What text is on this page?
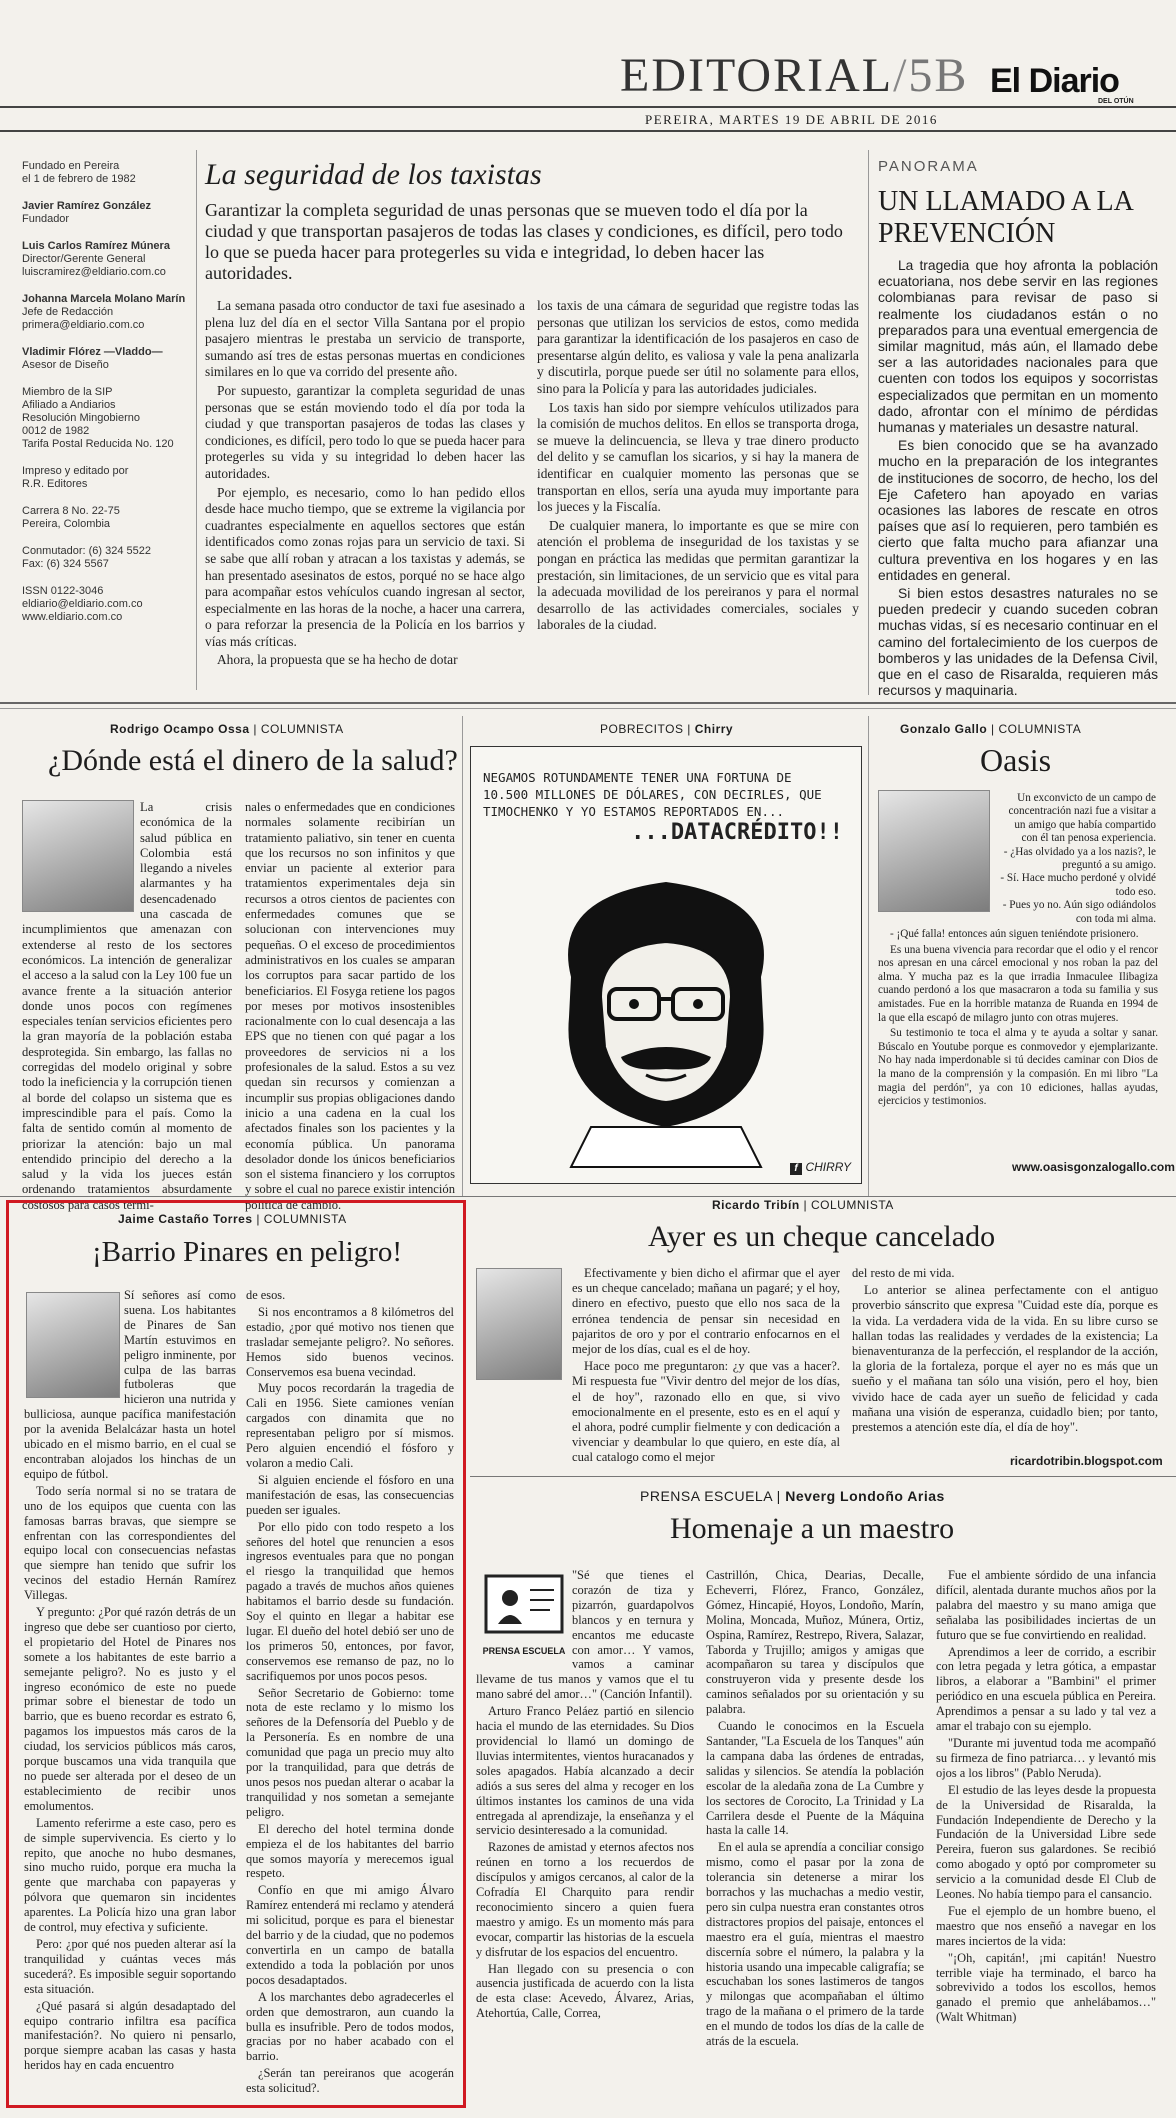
EDITORIAL/5B El Diario
DEL OTÚN
PEREIRA, MARTES 19 DE ABRIL DE 2016
Fundado en Pereira
el 1 de febrero de 1982
Javier Ramírez González
Fundador
Luis Carlos Ramírez Múnera
Director/Gerente General
luiscramirez@eldiario.com.co
Johanna Marcela Molano Marín
Jefe de Redacción
primera@eldiario.com.co
Vladimir Flórez —Vladdo—
Asesor de Diseño
Miembro de la SIP
Afiliado a Andiarios
Resolución Mingobierno
0012 de 1982
Tarifa Postal Reducida No. 120
Impreso y editado por
R.R. Editores
Carrera 8 No. 22-75
Pereira, Colombia
Conmutador: (6) 324 5522
Fax: (6) 324 5567
ISSN 0122-3046
eldiario@eldiario.com.co
www.eldiario.com.co
La seguridad de los taxistas
Garantizar la completa seguridad de unas personas que se mueven todo el día por la ciudad y que transportan pasajeros de todas las clases y condiciones, es difícil, pero todo lo que se pueda hacer para protegerles su vida e integridad, lo deben hacer las autoridades.

La semana pasada otro conductor de taxi fue asesinado a plena luz del día en el sector Villa Santana por el propio pasajero mientras le prestaba un servicio de transporte, sumando así tres de estas personas muertas en condiciones similares en lo que va corrido del presente año.

Por supuesto, garantizar la completa seguridad de unas personas que se están moviendo todo el día por toda la ciudad y que transportan pasajeros de todas las clases y condiciones, es difícil, pero todo lo que se pueda hacer para protegerles su vida y su integridad lo deben hacer las autoridades.

Por ejemplo, es necesario, como lo han pedido ellos desde hace mucho tiempo, que se extreme la vigilancia por cuadrantes especialmente en aquellos sectores que están identificados como zonas rojas para un servicio de taxi. Si se sabe que allí roban y atracan a los taxistas y además, se han presentado asesinatos de estos, porqué no se hace algo para acompañar estos vehículos cuando ingresan al sector, especialmente en las horas de la noche, a hacer una carrera, o para reforzar la presencia de la Policía en los barrios y vías más críticas.

Ahora, la propuesta que se ha hecho de dotar

los taxis de una cámara de seguridad que registre todas las personas que utilizan los servicios de estos, como medida para garantizar la identificación de los pasajeros en caso de presentarse algún delito, es valiosa y vale la pena analizarla y discutirla, porque puede ser útil no solamente para ellos, sino para la Policía y para las autoridades judiciales.

Los taxis han sido por siempre vehículos utilizados para la comisión de muchos delitos. En ellos se transporta droga, se mueve la delincuencia, se lleva y trae dinero producto del delito y se camuflan los sicarios, y si hay la manera de identificar en cualquier momento las personas que se transportan en ellos, sería una ayuda muy importante para los jueces y la Fiscalía.

De cualquier manera, lo importante es que se mire con atención el problema de inseguridad de los taxistas y se pongan en práctica las medidas que permitan garantizar la prestación, sin limitaciones, de un servicio que es vital para la adecuada movilidad de los pereiranos y para el normal desarrollo de las actividades comerciales, sociales y laborales de la ciudad.

PANORAMA
UN LLAMADO A LA PREVENCIÓN

La tragedia que hoy afronta la población ecuatoriana, nos debe servir en las regiones colombianas para revisar de paso si realmente los ciudadanos están o no preparados para una eventual emergencia de similar magnitud, más aún, el llamado debe ser a las autoridades nacionales para que cuenten con todos los equipos y socorristas especializados que permitan en un momento dado, afrontar con el mínimo de pérdidas humanas y materiales un desastre natural.

Es bien conocido que se ha avanzado mucho en la preparación de los integrantes de instituciones de socorro, de hecho, los del Eje Cafetero han apoyado en varias ocasiones las labores de rescate en otros países que así lo requieren, pero también es cierto que falta mucho para afianzar una cultura preventiva en los hogares y en las entidades en general.

Si bien estos desastres naturales no se pueden predecir y cuando suceden cobran muchas vidas, sí es necesario continuar en el camino del fortalecimiento de los cuerpos de bomberos y las unidades de la Defensa Civil, que en el caso de Risaralda, requieren más recursos y maquinaria.

Rodrigo Ocampo Ossa | COLUMNISTA
¿Dónde está el dinero de la salud?

La crisis económica de la salud pública en Colombia está llegando a niveles alarmantes y ha desencadenado una cascada de incumplimientos que amenazan con extenderse al resto de los sectores económicos. La intención de generalizar el acceso a la salud con la Ley 100 fue un avance frente a la situación anterior donde unos pocos con regímenes especiales tenían servicios eficientes pero la gran mayoría de la población estaba desprotegida. Sin embargo, las fallas no corregidas del modelo original y sobre todo la ineficiencia y la corrupción tienen al borde del colapso un sistema que es imprescindible para el país. Como la falta de sentido común al momento de priorizar la atención: bajo un mal entendido principio del derecho a la salud y la vida los jueces están ordenando tratamientos absurdamente costosos para casos termi-

nales o enfermedades que en condiciones normales solamente recibirían un tratamiento paliativo, sin tener en cuenta que los recursos no son infinitos y que enviar un paciente al exterior para tratamientos experimentales deja sin recursos a otros cientos de pacientes con enfermedades comunes que se solucionan con intervenciones muy pequeñas. O el exceso de procedimientos administrativos en los cuales se amparan los corruptos para sacar partido de los beneficiarios. El Fosyga retiene los pagos por meses por motivos insostenibles racionalmente con lo cual desencaja a las EPS que no tienen con qué pagar a los proveedores de servicios ni a los profesionales de la salud. Estos a su vez quedan sin recursos y comienzan a incumplir sus propias obligaciones dando inicio a una cadena en la cual los afectados finales son los pacientes y la economía pública. Un panorama desolador donde los únicos beneficiarios son el sistema financiero y los corruptos y sobre el cual no parece existir intención política de cambio.

POBRECITOS | Chirry
NEGAMOS ROTUNDAMENTE TENER UNA FORTUNA DE 10.500 MILLONES DE DÓLARES, CON DECIRLES, QUE TIMOCHENKO Y YO ESTAMOS REPORTADOS EN...
...DATACRÉDITO!!
f CHIRRY
Gonzalo Gallo | COLUMNISTA
Oasis
Un exconvicto de un campo de concentración nazi fue a visitar a un amigo que había compartido con él tan penosa experiencia.
- ¿Has olvidado ya a los nazis?, le preguntó a su amigo.
- Sí. Hace mucho perdoné y olvidé todo eso.
- Pues yo no. Aún sigo odiándolos con toda mi alma.

- ¡Qué falla! entonces aún siguen teniéndote prisionero.

Es una buena vivencia para recordar que el odio y el rencor nos apresan en una cárcel emocional y nos roban la paz del alma. Y mucha paz es la que irradia Inmaculee Ilibagiza cuando perdonó a los que masacraron a toda su familia y sus amistades. Fue en la horrible matanza de Ruanda en 1994 de la que ella escapó de milagro junto con otras mujeres.

Su testimonio te toca el alma y te ayuda a soltar y sanar. Búscalo en Youtube porque es conmovedor y ejemplarizante. No hay nada imperdonable si tú decides caminar con Dios de la mano de la comprensión y la compasión. En mi libro "La magia del perdón", ya con 10 ediciones, hallas ayudas, ejercicios y testimonios.

www.oasisgonzalogallo.com
Jaime Castaño Torres | COLUMNISTA
¡Barrio Pinares en peligro!

Sí señores así como suena. Los habitantes de Pinares de San Martín estuvimos en peligro inminente, por culpa de las barras futboleras que hicieron una nutrida y bulliciosa, aunque pacífica manifestación por la avenida Belalcázar hasta un hotel ubicado en el mismo barrio, en el cual se encontraban alojados los hinchas de un equipo de fútbol.

Todo sería normal si no se tratara de uno de los equipos que cuenta con las famosas barras bravas, que siempre se enfrentan con las correspondientes del equipo local con consecuencias nefastas que siempre han tenido que sufrir los vecinos del estadio Hernán Ramírez Villegas.

Y pregunto: ¿Por qué razón detrás de un ingreso que debe ser cuantioso por cierto, el propietario del Hotel de Pinares nos somete a los habitantes de este barrio a semejante peligro?. No es justo y el ingreso económico de este no puede primar sobre el bienestar de todo un barrio, que es bueno recordar es estrato 6, pagamos los impuestos más caros de la ciudad, los servicios públicos más caros, porque buscamos una vida tranquila que no puede ser alterada por el deseo de un establecimiento de recibir unos emolumentos.

Lamento referirme a este caso, pero es de simple supervivencia. Es cierto y lo repito, que anoche no hubo desmanes, sino mucho ruido, porque era mucha la gente que marchaba con papayeras y pólvora que quemaron sin incidentes aparentes. La Policía hizo una gran labor de control, muy efectiva y suficiente.

Pero: ¿por qué nos pueden alterar así la tranquilidad y cuántas veces más sucederá?. Es imposible seguir soportando esta situación.

¿Qué pasará si algún desadaptado del equipo contrario infiltra esa pacífica manifestación?. No quiero ni pensarlo, porque siempre acaban las casas y hasta heridos hay en cada encuentro

de esos.

Si nos encontramos a 8 kilómetros del estadio, ¿por qué motivo nos tienen que trasladar semejante peligro?. No señores. Hemos sido buenos vecinos. Conservemos esa buena vecindad.

Muy pocos recordarán la tragedia de Cali en 1956. Siete camiones venían cargados con dinamita que no representaban peligro por sí mismos. Pero alguien encendió el fósforo y volaron a medio Cali.

Si alguien enciende el fósforo en una manifestación de esas, las consecuencias pueden ser iguales.

Por ello pido con todo respeto a los señores del hotel que renuncien a esos ingresos eventuales para que no pongan el riesgo la tranquilidad que hemos pagado a través de muchos años quienes habitamos el barrio desde su fundación. Soy el quinto en llegar a habitar ese lugar. El dueño del hotel debió ser uno de los primeros 50, entonces, por favor, conservemos ese remanso de paz, no lo sacrifiquemos por unos pocos pesos.

Señor Secretario de Gobierno: tome nota de este reclamo y lo mismo los señores de la Defensoría del Pueblo y de la Personería. Es en nombre de una comunidad que paga un precio muy alto por la tranquilidad, para que detrás de unos pesos nos puedan alterar o acabar la tranquilidad y nos sometan a semejante peligro.

El derecho del hotel termina donde empieza el de los habitantes del barrio que somos mayoría y merecemos igual respeto.

Confío en que mi amigo Álvaro Ramírez entenderá mi reclamo y atenderá mi solicitud, porque es para el bienestar del barrio y de la ciudad, que no podemos convertirla en un campo de batalla extendido a toda la población por unos pocos desadaptados.

A los marchantes debo agradecerles el orden que demostraron, aun cuando la bulla es insufrible. Pero de todos modos, gracias por no haber acabado con el barrio.

¿Serán tan pereiranos que acogerán esta solicitud?.

Ricardo Tribín | COLUMNISTA
Ayer es un cheque cancelado

Efectivamente y bien dicho el afirmar que el ayer es un cheque cancelado; mañana un pagaré; y el hoy, dinero en efectivo, puesto que ello nos saca de la errónea tendencia de pensar sin necesidad en pajaritos de oro y por el contrario enfocarnos en el mejor de los días, cual es el de hoy.

Hace poco me preguntaron: ¿y que vas a hacer?. Mi respuesta fue "Vivir dentro del mejor de los días, el de hoy", razonado ello en que, si vivo emocionalmente en el presente, esto es en el aquí y el ahora, podré cumplir fielmente y con dedicación a vivenciar y deambular lo que quiero, en este día, al cual catalogo como el mejor

del resto de mi vida.

Lo anterior se alinea perfectamente con el antiguo proverbio sánscrito que expresa "Cuidad este día, porque es la vida. La verdadera vida de la vida. En su libre curso se hallan todas las realidades y verdades de la existencia; La bienaventuranza de la perfección, el resplandor de la acción, la gloria de la fortaleza, porque el ayer no es más que un sueño y el mañana tan sólo una visión, pero el hoy, bien vivido hace de cada ayer un sueño de felicidad y cada mañana una visión de esperanza, cuidadlo bien; por tanto, prestemos a atención este día, el día de hoy".

ricardotribin.blogspot.com
PRENSA ESCUELA | Neverg Londoño Arias
Homenaje a un maestro
PRENSA ESCUELA

"Sé que tienes el corazón de tiza y pizarrón, guardapolvos blancos y en ternura y encantos me educaste con amor… Y vamos, vamos a caminar llevame de tus manos y vamos que el tu mano sabré del amor…" (Canción Infantil).

Arturo Franco Peláez partió en silencio hacia el mundo de las eternidades. Su Dios providencial lo llamó un domingo de lluvias intermitentes, vientos huracanados y soles apagados. Había alcanzado a decir adiós a sus seres del alma y recoger en los últimos instantes los caminos de una vida entregada al aprendizaje, la enseñanza y el servicio desinteresado a la comunidad.

Razones de amistad y eternos afectos nos reúnen en torno a los recuerdos de discípulos y amigos cercanos, al calor de la Cofradía El Charquito para rendir reconocimiento sincero a quien fuera maestro y amigo. Es un momento más para evocar, compartir las historias de la escuela y disfrutar de los espacios del encuentro.

Han llegado con su presencia o con ausencia justificada de acuerdo con la lista de esta clase: Acevedo, Álvarez, Arias, Atehortúa, Calle, Correa,

Castrillón, Chica, Dearias, Decalle, Echeverri, Flórez, Franco, González, Gómez, Hincapié, Hoyos, Londoño, Marín, Molina, Moncada, Muñoz, Múnera, Ortiz, Ospina, Ramírez, Restrepo, Rivera, Salazar, Taborda y Trujillo; amigos y amigas que acompañaron su tarea y discípulos que construyeron vida y presente desde los caminos señalados por su orientación y su palabra.

Cuando le conocimos en la Escuela Santander, "La Escuela de los Tanques" aún la campana daba las órdenes de entradas, salidas y silencios. Se atendía la población escolar de la aledaña zona de La Cumbre y los sectores de Corocito, La Trinidad y La Carrilera desde el Puente de la Máquina hasta la calle 14.

En el aula se aprendía a conciliar consigo mismo, como el pasar por la zona de tolerancia sin detenerse a mirar los borrachos y las muchachas a medio vestir, pero sin culpa nuestra eran constantes otros distractores propios del paisaje, entonces el maestro era el guía, mientras el maestro discernía sobre el número, la palabra y la historia usando una impecable caligrafía; se escuchaban los sones lastimeros de tangos y milongas que acompañaban el último trago de la mañana o el primero de la tarde en el mundo de todos los días de la calle de atrás de la escuela.

Fue el ambiente sórdido de una infancia difícil, alentada durante muchos años por la palabra del maestro y su mano amiga que señalaba las posibilidades inciertas de un futuro que se fue convirtiendo en realidad.

Aprendimos a leer de corrido, a escribir con letra pegada y letra gótica, a empastar libros, a elaborar a "Bambini" el primer periódico en una escuela pública en Pereira. Aprendimos a pensar a su lado y tal vez a amar el trabajo con su ejemplo.

"Durante mi juventud toda me acompañó su firmeza de fino patriarca… y levantó mis ojos a los libros" (Pablo Neruda).

El estudio de las leyes desde la propuesta de la Universidad de Risaralda, la Fundación Independiente de Derecho y la Fundación de la Universidad Libre sede Pereira, fueron sus galardones. Se recibió como abogado y optó por comprometer su servicio a la comunidad desde El Club de Leones. No había tiempo para el cansancio.

Fue el ejemplo de un hombre bueno, el maestro que nos enseñó a navegar en los mares inciertos de la vida:

"¡Oh, capitán!, ¡mi capitán! Nuestro terrible viaje ha terminado, el barco ha sobrevivido a todos los escollos, hemos ganado el premio que anhelábamos…" (Walt Whitman)
